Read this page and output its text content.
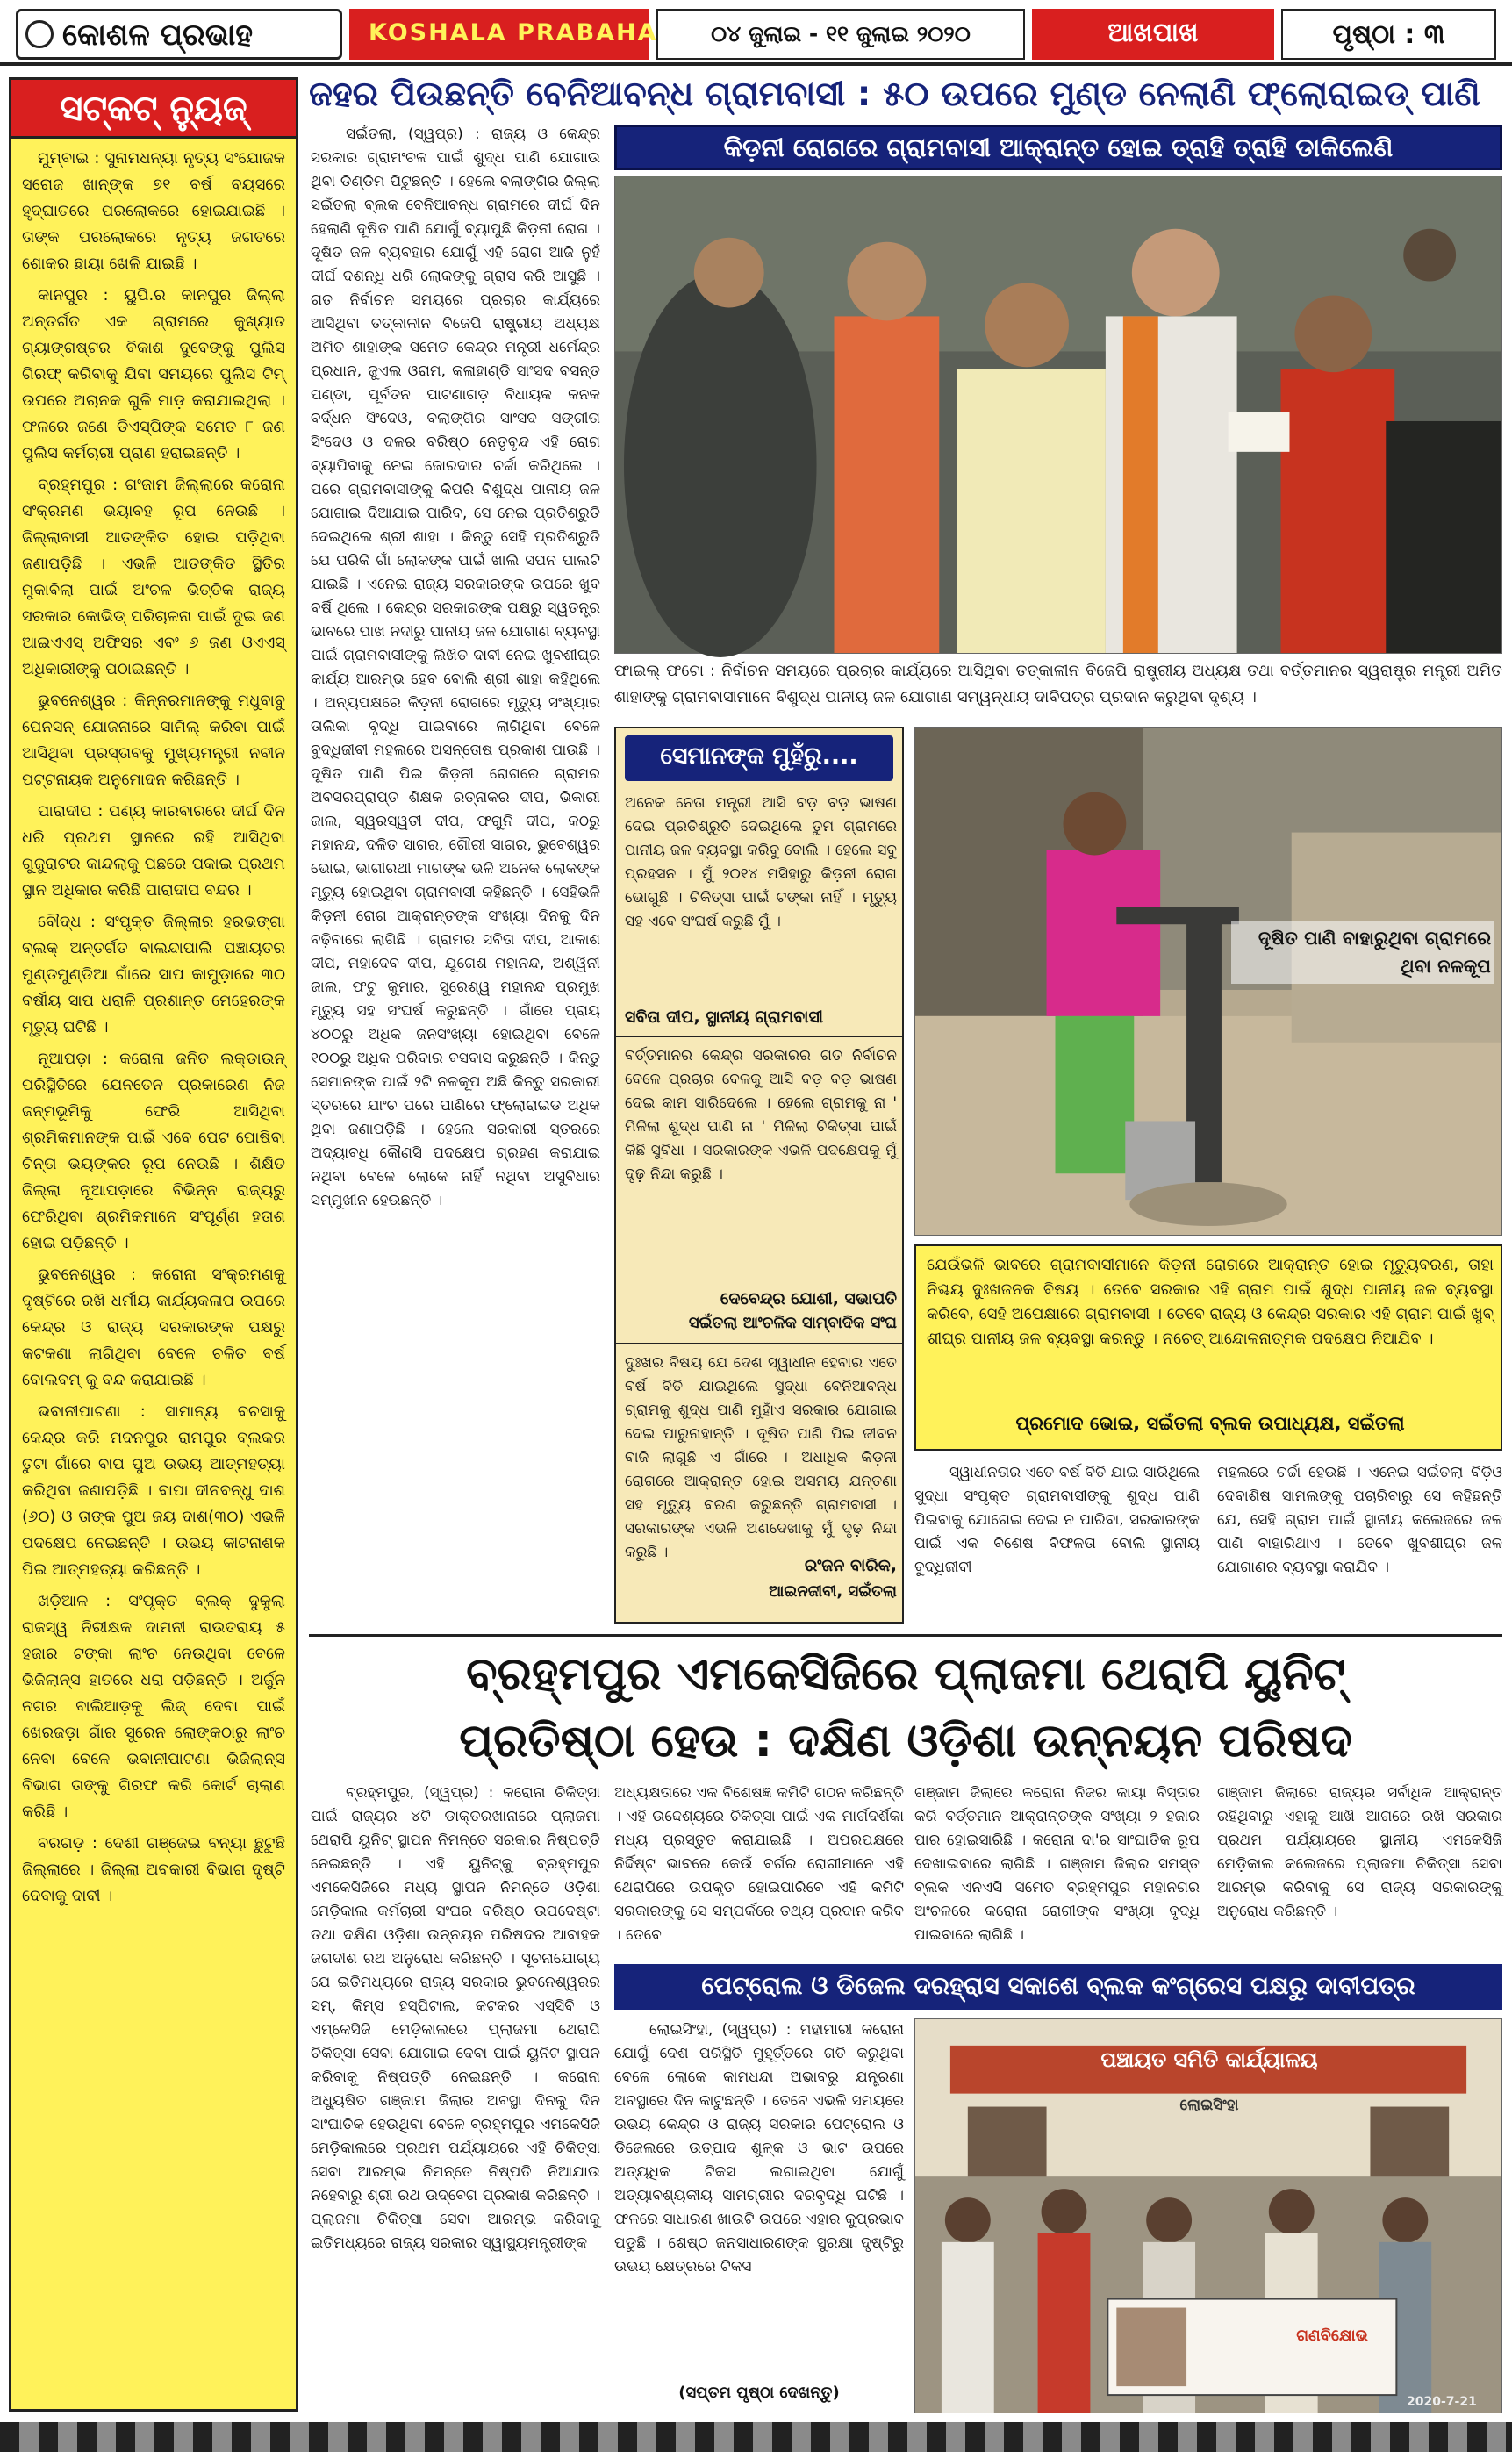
କୋଶଳ ପ୍ରଭାହ	KOSHALA PRABAHA	୦୪ ଜୁଲାଇ - ୧୧ ଜୁଲାଇ ୨୦୨୦	ଆଖପାଖ	ପୃଷ୍ଠା : ୩
ସଟ୍‌କଟ୍ ନ୍ୟୁଜ୍

ମୁମ୍ବାଇ : ସୁନାମଧନ୍ୟା ନୃତ୍ୟ ସଂଯୋଜକ ସରୋଜ ଖାନ୍‌ଙ୍କ ୭୧ ବର୍ଷ ବୟସରେ ହୃଦ୍‌ଘାତରେ ପରଲୋକରେ ହୋଇଯାଇଛି । ତାଙ୍କ ପରଲୋକରେ ନୃତ୍ୟ ଜଗତରେ ଶୋକର ଛାୟା ଖେଳି ଯାଇଛି ।

କାନପୁର : ୟୁପି.ର କାନପୁର ଜିଲ୍ଲା ଅନ୍ତର୍ଗତ ଏକ ଗ୍ରାମରେ କୁଖ୍ୟାତ ଗ୍ୟାଙ୍ଗଷ୍ଟର ବିକାଶ ଦୁବେଙ୍କୁ ପୁଲିସ ଗିରଫ୍ କରିବାକୁ ଯିବା ସମୟରେ ପୁଲିସ ଟିମ୍ ଉପରେ ଅଚାନକ ଗୁଳି ମାଡ଼ କରାଯାଇଥିଲା । ଫଳରେ ଜଣେ ଡିଏସ୍‌ପିଙ୍କ ସମେତ ୮ ଜଣ ପୁଲିସ କର୍ମଚାରୀ ପ୍ରାଣ ହରାଇଛନ୍ତି ।

ବ୍ରହ୍ମପୁର : ଗଂଜାମ ଜିଲ୍ଲାରେ କରୋନା ସଂକ୍ରମଣ ଭୟାବହ ରୂପ ନେଉଛି । ଜିଲ୍ଲାବାସୀ ଆତଙ୍କିତ ହୋଇ ପଡ଼ିଥିବା ଜଣାପଡ଼ିଛି । ଏଭଳି ଆତଙ୍କିତ ସ୍ଥିତିର ମୁକାବିଲା ପାଇଁ ଅଂଚଳ ଭିତ୍ତିକ ରାଜ୍ୟ ସରକାର କୋଭିଡ୍ ପରିଚାଳନା ପାଇଁ ଦୁଇ ଜଣ ଆଇଏଏସ୍ ଅଫିସର ଏବଂ ୬ ଜଣ ଓଏଏସ୍ ଅଧିକାରୀଙ୍କୁ ପଠାଇଛନ୍ତି ।

ଭୁବନେଶ୍ୱର : କିନ୍ନରମାନଙ୍କୁ ମଧୁବାବୁ ପେନସନ୍ ଯୋଜନାରେ ସାମିଲ୍ କରିବା ପାଇଁ ଆସିଥିବା ପ୍ରସ୍ତାବକୁ ମୁଖ୍ୟମନ୍ତ୍ରୀ ନବୀନ ପଟ୍ଟନାୟକ ଅନୁମୋଦନ କରିଛନ୍ତି ।

ପାରାଦୀପ : ପଣ୍ୟ କାରବାରରେ ଦୀର୍ଘ ଦିନ ଧରି ପ୍ରଥମ ସ୍ଥାନରେ ରହି ଆସିଥିବା ଗୁଜୁରାଟର କାନ୍ଦଲାକୁ ପଛରେ ପକାଇ ପ୍ରଥମ ସ୍ଥାନ ଅଧିକାର କରିଛି ପାରାଦୀପ ବନ୍ଦର ।

ବୌଦ୍ଧ : ସଂପୃକ୍ତ ଜିଲ୍ଲାର ହରଭଙ୍ଗା ବ୍ଲକ୍ ଅନ୍ତର୍ଗତ ବାଲନ୍ଦାପାଲି ପଞ୍ଚାୟତର ମୁଣ୍ଡମୁଣ୍ଡିଆ ଗାଁରେ ସାପ କାମୁଡ଼ାରେ ୩୦ ବର୍ଷୀୟ ସାପ ଧରାଳି ପ୍ରଶାନ୍ତ ମେହେରଙ୍କ ମୃତ୍ୟୁ ଘଟିଛି ।

ନୂଆପଡ଼ା : କରୋନା ଜନିତ ଲକ୍‌ଡାଉନ୍ ପରିସ୍ଥିତିରେ ଯେନତେନ ପ୍ରକାରେଣ ନିଜ ଜନ୍ମଭୂମିକୁ ଫେରି ଆସିଥିବା ଶ୍ରମିକମାନଙ୍କ ପାଇଁ ଏବେ ପେଟ ପୋଷିବା ଚିନ୍ତା ଭୟଙ୍କର ରୂପ ନେଉଛି । ଶିକ୍ଷିତ ଜିଲ୍ଲା ନୂଆପଡ଼ାରେ ବିଭିନ୍ନ ରାଜ୍ୟରୁ ଫେରିଥିବା ଶ୍ରମିକମାନେ ସଂପୂର୍ଣ୍ଣ ହତାଶ ହୋଇ ପଡ଼ିଛନ୍ତି ।

ଭୁବନେଶ୍ୱର : କରୋନା ସଂକ୍ରମଣକୁ ଦୃଷ୍ଟିରେ ରଖି ଧର୍ମୀୟ କାର୍ଯ୍ୟକଳାପ ଉପରେ କେନ୍ଦ୍ର ଓ ରାଜ୍ୟ ସରକାରଙ୍କ ପକ୍ଷରୁ କଟକଣା ଲାଗିଥିବା ବେଳେ ଚଳିତ ବର୍ଷ ବୋଲବମ୍ କୁ ବନ୍ଦ କରାଯାଇଛି ।

ଭବାନୀପାଟଣା : ସାମାନ୍ୟ ବଚସାକୁ କେନ୍ଦ୍ର କରି ମଦନପୁର ରାମପୁର ବ୍ଲକର ତୁଟା ଗାଁରେ ବାପ ପୁଅ ଉଭୟ ଆତ୍ମହତ୍ୟା କରିଥିବା ଜଣାପଡ଼ିଛି । ବାପା ଦୀନବନ୍ଧୁ ଦାଶ (୬୦) ଓ ତାଙ୍କ ପୁଅ ଜୟ ଦାଶ(୩୦) ଏଭଳି ପଦକ୍ଷେପ ନେଇଛନ୍ତି । ଉଭୟ କୀଟନାଶକ ପିଇ ଆତ୍ମହତ୍ୟା କରିଛନ୍ତି ।

ଖଡ଼ିଆଳ : ସଂପୃକ୍ତ ବ୍ଲକ୍ ଦୁକୁଲା ରାଜସ୍ୱ ନିରୀକ୍ଷକ ଦାମନୀ ରାଉତରାୟ ୫ ହଜାର ଟଙ୍କା ଲାଂଚ ନେଉଥିବା ବେଳେ ଭିଜିଲାନ୍ସ ହାତରେ ଧରା ପଡ଼ିଛନ୍ତି । ଅର୍ଜୁନ ନଗର ବାଲିଆଡ଼କୁ ଲିଜ୍ ଦେବା ପାଇଁ ଖେରଜଡ଼ା ଗାଁର ସୁରେନ ଲୋଙ୍କଠାରୁ ଲାଂଚ ନେବା ବେଳେ ଭବାନୀପାଟଣା ଭିଜିଲାନ୍ସ ବିଭାଗ ତାଙ୍କୁ ଗିରଫ କରି କୋର୍ଟ ଚାଲାଣ କରିଛି ।

ବରଗଡ଼ : ଦେଶୀ ଗଞ୍ଜେଇ ବନ୍ୟା ଛୁଟୁଛି ଜିଲ୍ଲାରେ । ଜିଲ୍ଲା ଅବକାରୀ ବିଭାଗ ଦୃଷ୍ଟି ଦେବାକୁ ଦାବୀ ।

ଜହର ପିଉଛନ୍ତି ବେନିଆବନ୍ଧ ଗ୍ରାମବାସୀ : ୫୦ ଉପରେ ମୁଣ୍ଡ ନେଲାଣି ଫ୍ଲୋରାଇଡ୍ ପାଣି
ସଇଁତଲା, (ସ୍ୱପ୍ର) : ରାଜ୍ୟ ଓ କେନ୍ଦ୍ର ସରକାର ଗ୍ରାମଂଚଳ ପାଇଁ ଶୁଦ୍ଧ ପାଣି ଯୋଗାଉ ଥିବା ଡିଣ୍ଡିମ ପିଟୁଛନ୍ତି । ହେଲେ ବଲାଙ୍ଗିର ଜିଲ୍ଲା ସଇଁତଲା ବ୍ଲକ ବେନିଆବନ୍ଧ ଗ୍ରାମରେ ଦୀର୍ଘ ଦିନ ହେଲାଣି ଦୂଷିତ ପାଣି ଯୋଗୁଁ ବ୍ୟାପୁଛି କିଡ଼ନୀ ରୋଗ । ଦୂଷିତ ଜଳ ବ୍ୟବହାର ଯୋଗୁଁ ଏହି ରୋଗ ଆଜି ନୁହଁ ଦୀର୍ଘ ଦଶନ୍ଧି ଧରି ଲୋକଙ୍କୁ ଗ୍ରାସ କରି ଆସୁଛି । ଗତ ନିର୍ବାଚନ ସମୟରେ ପ୍ରଚାର କାର୍ଯ୍ୟରେ ଆସିଥିବା ତତ୍କାଳୀନ ବିଜେପି ରାଷ୍ଟ୍ରୀୟ ଅଧ୍ୟକ୍ଷ ଅମିତ ଶାହାଙ୍କ ସମେତ କେନ୍ଦ୍ର ମନ୍ତ୍ରୀ ଧର୍ମେନ୍ଦ୍ର ପ୍ରଧାନ, ଜୁଏଲ ଓରାମ, କଳାହାଣ୍ଡି ସାଂସଦ ବସନ୍ତ ପଣ୍ଡା, ପୂର୍ବତନ ପାଟଣାଗଡ଼ ବିଧାୟକ କନକ ବର୍ଦ୍ଧନ ସିଂଦେଓ, ବଲାଙ୍ଗିର ସାଂସଦ ସଙ୍ଗୀତା ସିଂଦେଓ ଓ ଦଳର ବରିଷ୍ଠ ନେତୃବୃନ୍ଦ ଏହି ରୋଗ ବ୍ୟାପିବାକୁ ନେଇ ଜୋରଦାର ଚର୍ଚ୍ଚା କରିଥିଲେ । ପରେ ଗ୍ରାମବାସୀଙ୍କୁ କିପରି ବିଶୁଦ୍ଧ ପାନୀୟ ଜଳ ଯୋଗାଇ ଦିଆଯାଇ ପାରିବ, ସେ ନେଇ ପ୍ରତିଶ୍ରୁତି ଦେଇଥିଲେ ଶ୍ରୀ ଶାହା । କିନ୍ତୁ ସେହି ପ୍ରତିଶ୍ରୁତି ଯେ ପରିକି ଗାଁ ଲୋକଙ୍କ ପାଇଁ ଖାଲି ସପନ ପାଲଟି ଯାଇଛି । ଏନେଇ ରାଜ୍ୟ ସରକାରଙ୍କ ଉପରେ ଖୁବ ବର୍ଷି ଥିଲେ । କେନ୍ଦ୍ର ସରକାରଙ୍କ ପକ୍ଷରୁ ସ୍ୱତନ୍ତ୍ର ଭାବରେ ପାଖ ନଦୀରୁ ପାନୀୟ ଜଳ ଯୋଗାଣ ବ୍ୟବସ୍ଥା ପାଇଁ ଗ୍ରାମବାସୀଙ୍କୁ ଲିଖିତ ଦାବୀ ନେଇ ଖୁବଶୀଘ୍ର କାର୍ଯ୍ୟ ଆରମ୍ଭ ହେବ ବୋଲି ଶ୍ରୀ ଶାହା କହିଥିଲେ । ଅନ୍ୟପକ୍ଷରେ କିଡ଼ନୀ ରୋଗରେ ମୃତ୍ୟୁ ସଂଖ୍ୟାର ତାଲିକା ବୃଦ୍ଧି ପାଇବାରେ ଲାଗିଥିବା ବେଳେ ବୁଦ୍ଧିଜୀବୀ ମହଲରେ ଅସନ୍ତୋଷ ପ୍ରକାଶ ପାଉଛି । ଦୂଷିତ ପାଣି ପିଇ କିଡ଼ନୀ ରୋଗରେ ଗ୍ରାମର ଅବସରପ୍ରାପ୍ତ ଶିକ୍ଷକ ରତ୍ନାକର ଦୀପ, ଭିକାରୀ ଜାଲ, ସ୍ୱରସ୍ୱତୀ ଦୀପ, ଫଗୁନି ଦୀପ, କଠରୁ ମହାନନ୍ଦ, ଦଳିତ ସାଗର, ଗୌରୀ ସାଗର, ଭୁବେଶ୍ୱର ଭୋଇ, ଭାଗୀରଥୀ ମାଗଙ୍କ ଭଳି ଅନେକ ଲୋକଙ୍କ ମୃତ୍ୟୁ ହୋଇଥିବା ଗ୍ରାମବାସୀ କହିଛନ୍ତି । ସେହିଭଳି କିଡ଼ନୀ ରୋଗ ଆକ୍ରାନ୍ତଙ୍କ ସଂଖ୍ୟା ଦିନକୁ ଦିନ ବଢ଼ିବାରେ ଲାଗିଛି । ଗ୍ରାମର ସବିତା ଦୀପ, ଆକାଶ ଦୀପ, ମହାଦେବ ଦୀପ, ଯୁଗେଶ ମହାନନ୍ଦ, ଅଶ୍ୱିନୀ ଜାଲ, ଫଟୁ କୁମାର, ସୁରେଶ୍ୱ ମହାନନ୍ଦ ପ୍ରମୁଖ ମୃତ୍ୟୁ ସହ ସଂଘର୍ଷ କରୁଛନ୍ତି । ଗାଁରେ ପ୍ରାୟ ୪୦୦ରୁ ଅଧିକ ଜନସଂଖ୍ୟା ହୋଇଥିବା ବେଳେ ୧୦୦ରୁ ଅଧିକ ପରିବାର ବସବାସ କରୁଛନ୍ତି । କିନ୍ତୁ ସେମାନଙ୍କ ପାଇଁ ୨ଟି ନଳକୂପ ଅଛି କିନ୍ତୁ ସରକାରୀ ସ୍ତରରେ ଯାଂଚ ପରେ ପାଣିରେ ଫ୍ଲୋରାଇଡ ଅଧିକ ଥିବା ଜଣାପଡ଼ିଛି । ହେଲେ ସରକାରୀ ସ୍ତରରେ ଅଦ୍ୟାବଧି କୌଣସି ପଦକ୍ଷେପ ଗ୍ରହଣ କରାଯାଇ ନଥିବା ବେଳେ ଲୋକେ ନାହିଁ ନଥିବା ଅସୁବିଧାର ସମ୍ମୁଖୀନ ହେଉଛନ୍ତି ।
କିଡ଼ନୀ ରୋଗରେ ଗ୍ରାମବାସୀ ଆକ୍ରାନ୍ତ ହୋଇ ତ୍ରାହି ତ୍ରାହି ଡାକିଲେଣି
ଫାଇଲ୍ ଫଟୋ : ନିର୍ବାଚନ ସମୟରେ ପ୍ରଚାର କାର୍ଯ୍ୟରେ ଆସିଥିବା ତତ୍କାଳୀନ ବିଜେପି ରାଷ୍ଟ୍ରୀୟ ଅଧ୍ୟକ୍ଷ ତଥା ବର୍ତ୍ତମାନର ସ୍ୱରାଷ୍ଟ୍ର ମନ୍ତ୍ରୀ ଅମିତ ଶାହାଙ୍କୁ ଗ୍ରାମବାସୀମାନେ ବିଶୁଦ୍ଧ ପାନୀୟ ଜଳ ଯୋଗାଣ ସମ୍ୱନ୍ଧୀୟ ଦାବିପତ୍ର ପ୍ରଦାନ କରୁଥିବା ଦୃଶ୍ୟ ।
ସେମାନଙ୍କ ମୁହଁରୁ....
ଅନେକ ନେତା ମନ୍ତ୍ରୀ ଆସି ବଡ଼ ବଡ଼ ଭାଷଣ ଦେଇ ପ୍ରତିଶ୍ରୁତି ଦେଇଥିଲେ ତୁମ ଗ୍ରାମରେ ପାନୀୟ ଜଳ ବ୍ୟବସ୍ଥା କରିବୁ ବୋଲି । ହେଲେ ସବୁ ପ୍ରହସନ । ମୁଁ ୨୦୧୪ ମସିହାରୁ କିଡ଼ନୀ ରୋଗ ଭୋଗୁଛି । ଚିକିତ୍ସା ପାଇଁ ଟଙ୍କା ନାହିଁ । ମୃତ୍ୟୁ ସହ ଏବେ ସଂଘର୍ଷ କରୁଛି ମୁଁ ।
ସବିତା ଦୀପ, ସ୍ଥାନୀୟ ଗ୍ରାମବାସୀ
ବର୍ତ୍ତମାନର କେନ୍ଦ୍ର ସରକାରର ଗତ ନିର୍ବାଚନ ବେଳେ ପ୍ରଚାର ବେଳକୁ ଆସି ବଡ଼ ବଡ଼ ଭାଷଣ ଦେଇ କାମ ସାରିଦେଲେ । ହେଲେ ଗ୍ରାମକୁ ନା ' ମିଳିଲା ଶୁଦ୍ଧ ପାଣି ନା ' ମିଳିଲା ଚିକିତ୍ସା ପାଇଁ କିଛି ସୁବିଧା । ସରକାରଙ୍କ ଏଭଳି ପଦକ୍ଷେପକୁ ମୁଁ ଦୃଢ଼ ନିନ୍ଦା କରୁଛି ।
ଦେବେନ୍ଦ୍ର ଯୋଶୀ, ସଭାପତି
ସଇଁତଲା ଆଂଚଳିକ ସାମ୍ବାଦିକ ସଂଘ
ଦୁଃଖର ବିଷୟ ଯେ ଦେଶ ସ୍ୱାଧୀନ ହେବାର ଏତେ ବର୍ଷ ବିତି ଯାଇଥିଲେ ସୁଦ୍ଧା ବେନିଆବନ୍ଧ ଗ୍ରାମକୁ ଶୁଦ୍ଧ ପାଣି ମୁହାଁଏ ସରକାର ଯୋଗାଇ ଦେଇ ପାରୁନାହାନ୍ତି । ଦୂଷିତ ପାଣି ପିଇ ଜୀବନ ବାଜି ଲାଗୁଛି ଏ ଗାଁରେ । ଅଧାଧିକ କିଡ଼ନୀ ରୋଗରେ ଆକ୍ରାନ୍ତ ହୋଇ ଅସମୟ ଯନ୍ତଣା ସହ ମୃତ୍ୟୁ ବରଣ କରୁଛନ୍ତି ଗ୍ରାମବାସୀ । ସରକାରଙ୍କ ଏଭଳି ଅଣଦେଖାକୁ ମୁଁ ଦୃଢ଼ ନିନ୍ଦା କରୁଛି ।
ରଂଜନ ବାରିକ,
ଆଇନଜୀବୀ, ସଇଁତଲା
ଦୂଷିତ ପାଣି ବାହାରୁଥିବା ଗ୍ରାମରେ ଥିବା ନଳକୂପ
ଯେଉଁଭଳି ଭାବରେ ଗ୍ରାମବାସୀମାନେ କିଡ଼ନୀ ରୋଗରେ ଆକ୍ରାନ୍ତ ହୋଇ ମୃତ୍ୟୁବରଣ, ତାହା ନିଶ୍ଚୟ ଦୁଃଖଜନକ ବିଷୟ । ତେବେ ସରକାର ଏହି ଗ୍ରାମ ପାଇଁ ଶୁଦ୍ଧ ପାନୀୟ ଜଳ ବ୍ୟବସ୍ଥା କରିବେ, ସେହି ଅପେକ୍ଷାରେ ଗ୍ରାମବାସୀ । ତେବେ ରାଜ୍ୟ ଓ କେନ୍ଦ୍ର ସରକାର ଏହି ଗ୍ରାମ ପାଇଁ ଖୁବ୍ ଶୀଘ୍ର ପାନୀୟ ଜଳ ବ୍ୟବସ୍ଥା କରନ୍ତୁ । ନଚେତ୍ ଆନ୍ଦୋଳନାତ୍ମକ ପଦକ୍ଷେପ ନିଆଯିବ ।
ପ୍ରମୋଦ ଭୋଇ, ସଇଁତଲା ବ୍ଲକ ଉପାଧ୍ୟକ୍ଷ, ସଇଁତଲା
ସ୍ୱାଧୀନତାର ଏତେ ବର୍ଷ ବିତି ଯାଇ ସାରିଥିଲେ ସୁଦ୍ଧା ସଂପୃକ୍ତ ଗ୍ରାମବାସୀଙ୍କୁ ଶୁଦ୍ଧ ପାଣି ପିଇବାକୁ ଯୋଗେଇ ଦେଇ ନ ପାରିବା, ସରକାରଙ୍କ ପାଇଁ ଏକ ବିଶେଷ ବିଫଳତା ବୋଲି ସ୍ଥାନୀୟ ବୁଦ୍ଧିଜୀବୀ
ମହଲରେ ଚର୍ଚ୍ଚା ହେଉଛି । ଏନେଇ ସଇଁତଲା ବିଡ଼ିଓ ଦେବାଶିଷ ସାମଲଙ୍କୁ ପଚାରିବାରୁ ସେ କହିଛନ୍ତି ଯେ, ସେହି ଗ୍ରାମ ପାଇଁ ସ୍ଥାନୀୟ କଲେଜରେ ଜଳ ପାଣି ବାହାରିଥାଏ । ତେବେ ଖୁବଶୀଘ୍ର ଜଳ ଯୋଗାଣର ବ୍ୟବସ୍ଥା କରାଯିବ ।
ବ୍ରହ୍ମପୁର ଏମକେସିଜିରେ ପ୍ଲାଜମା ଥେରାପି ୟୁନିଟ୍
ପ୍ରତିଷ୍ଠା ହେଉ : ଦକ୍ଷିଣ ଓଡ଼ିଶା ଉନ୍ନୟନ ପରିଷଦ
ବ୍ରହ୍ମପୁର, (ସ୍ୱପ୍ର) : କରୋନା ଚିକିତ୍ସା ପାଇଁ ରାଜ୍ୟର ୪ଟି ଡାକ୍ତରଖାନାରେ ପ୍ଲାଜମା ଥେରାପି ୟୁନିଟ୍ ସ୍ଥାପନ ନିମନ୍ତେ ସରକାର ନିଷ୍ପତ୍ତି ନେଇଛନ୍ତି । ଏହି ୟୁନିଟ୍‌କୁ ବ୍ରହ୍ମପୁର ଏମକେସିଜିରେ ମଧ୍ୟ ସ୍ଥାପନ ନିମନ୍ତେ ଓଡ଼ିଶା ମେଡ଼ିକାଲ କର୍ମଚାରୀ ସଂଘର ବରିଷ୍ଠ ଉପଦେଷ୍ଟା ତଥା ଦକ୍ଷିଣ ଓଡ଼ିଶା ଉନ୍ନୟନ ପରିଷଦର ଆବାହକ ଜଗଦୀଶ ରଥ ଅନୁରୋଧ କରିଛନ୍ତି । ସୂଚନାଯୋଗ୍ୟ ଯେ ଇତିମଧ୍ୟରେ ରାଜ୍ୟ ସରକାର ଭୁବନେଶ୍ୱରର ସମ୍, କିମ୍ସ ହସ୍ପିଟାଲ, କଟକର ଏସ୍‌ସିବି ଓ ଏମ୍‌କେସିଜି ମେଡ଼ିକାଲରେ ପ୍ଲାଜମା ଥେରାପି ଚିକିତ୍ସା ସେବା ଯୋଗାଇ ଦେବା ପାଇଁ ୟୁନିଟ ସ୍ଥାପନ କରିବାକୁ ନିଷ୍ପତ୍ତି ନେଇଛନ୍ତି । କରୋନା ଅଧ୍ୟୁଷିତ ଗଞ୍ଜାମ ଜିଲାର ଅବସ୍ଥା ଦିନକୁ ଦିନ ସାଂଘାତିକ ହେଉଥିବା ବେଳେ ବ୍ରହ୍ମପୁର ଏମକେସିଜି ମେଡ଼ିକାଲରେ ପ୍ରଥମ ପର୍ଯ୍ୟାୟରେ ଏହି ଚିକିତ୍ସା ସେବା ଆରମ୍ଭ ନିମନ୍ତେ ନିଷ୍ପତି ନିଆଯାଉ ନହେବାରୁ ଶ୍ରୀ ରଥ ଉଦ୍‌ବେଗ ପ୍ରକାଶ କରିଛନ୍ତି । ପ୍ଲାଜମା ଚିକିତ୍ସା ସେବା ଆରମ୍ଭ କରିବାକୁ ଇତିମଧ୍ୟରେ ରାଜ୍ୟ ସରକାର ସ୍ୱାସ୍ଥ୍ୟମନ୍ତ୍ରୀଙ୍କ
ଅଧ୍ୟକ୍ଷତାରେ ଏକ ବିଶେଷଜ୍ଞ କମିଟି ଗଠନ କରିଛନ୍ତି । ଏହି ଉଦ୍ଦେଶ୍ୟରେ ଚିକିତ୍ସା ପାଇଁ ଏକ ମାର୍ଗଦର୍ଶିକା ମଧ୍ୟ ପ୍ରସ୍ତୁତ କରାଯାଇଛି । ଅପରପକ୍ଷରେ ନିର୍ଦ୍ଦିଷ୍ଟ ଭାବରେ କେଉଁ ବର୍ଗର ରୋଗୀମାନେ ଏହି ଥେରାପିରେ ଉପକୃତ ହୋଇପାରିବେ ଏହି କମିଟି ସରକାରଙ୍କୁ ସେ ସମ୍ପର୍କରେ ତଥ୍ୟ ପ୍ରଦାନ କରିବ । ତେବେ
ଗଞ୍ଜାମ ଜିଲାରେ କରୋନା ନିଜର କାୟା ବିସ୍ତାର କରି ବର୍ତ୍ତମାନ ଆକ୍ରାନ୍ତଙ୍କ ସଂଖ୍ୟା ୨ ହଜାର ପାର ହୋଇସାରିଛି । କରୋନା ଦା'ର ସାଂଘାତିକ ରୂପ ଦେଖାଇବାରେ ଲାଗିଛି । ଗଞ୍ଜାମ ଜିଲାର ସମସ୍ତ ବ୍ଲକ ଏନଏସି ସମେତ ବ୍ରହ୍ମପୁର ମହାନଗର ଅଂଚଳରେ କରୋନା ରୋଗୀଙ୍କ ସଂଖ୍ୟା ବୃଦ୍ଧି ପାଇବାରେ ଲାଗିଛି ।
ଗଞ୍ଜାମ ଜିଲାରେ ରାଜ୍ୟର ସର୍ବାଧିକ ଆକ୍ରାନ୍ତ ରହିଥିବାରୁ ଏହାକୁ ଆଖି ଆଗରେ ରଖି ସରକାର ପ୍ରଥମ ପର୍ଯ୍ୟାୟରେ ସ୍ଥାନୀୟ ଏମକେସିଜି ମେଡ଼ିକାଲ କଲେଜରେ ପ୍ଲାଜମା ଚିକିତ୍ସା ସେବା ଆରମ୍ଭ କରିବାକୁ ସେ ରାଜ୍ୟ ସରକାରଙ୍କୁ ଅନୁରୋଧ କରିଛନ୍ତି ।
ପେଟ୍ରୋଲ ଓ ଡିଜେଲ ଦରହ୍ରାସ ସକାଶେ ବ୍ଲକ କଂଗ୍ରେସ ପକ୍ଷରୁ ଦାବୀପତ୍ର
ଲୋଇସିଂହା, (ସ୍ୱପ୍ର) : ମହାମାରୀ କରୋନା ଯୋଗୁଁ ଦେଶ ପରିସ୍ଥିତି ମୁହୂର୍ତ୍ତରେ ଗତି କରୁଥିବା ବେଳେ ଲୋକେ କାମଧନ୍ଦା ଅଭାବରୁ ଯନ୍ତ୍ରଣା ଅବସ୍ଥାରେ ଦିନ କାଟୁଛନ୍ତି । ତେବେ ଏଭଳି ସମୟରେ ଉଭୟ କେନ୍ଦ୍ର ଓ ରାଜ୍ୟ ସରକାର ପେଟ୍ରୋଲ ଓ ଡିଜେଲରେ ଉତ୍ପାଦ ଶୁଳ୍କ ଓ ଭାଟ ଉପରେ ଅତ୍ୟଧିକ ଟିକସ ଲଗାଇଥିବା ଯୋଗୁଁ ଅତ୍ୟାବଶ୍ୟକୀୟ ସାମଗ୍ରୀର ଦରବୃଦ୍ଧି ଘଟିଛି । ଫଳରେ ସାଧାରଣ ଖାଉଟି ଉପରେ ଏହାର କୁପ୍ରଭାବ ପଡୁଛି । ଶେଷ୍ଠ ଜନସାଧାରଣଙ୍କ ସୁରକ୍ଷା ଦୃଷ୍ଟିରୁ ଉଭୟ କ୍ଷେତ୍ରରେ ଟିକସ
(ସପ୍ତମ ପୃଷ୍ଠା ଦେଖନ୍ତୁ)
ପଞ୍ଚାୟତ ସମିତି କାର୍ଯ୍ୟାଳୟ
ଲୋଇସିଂହା
ଗଣବିକ୍ଷୋଭ
2020-7-21
